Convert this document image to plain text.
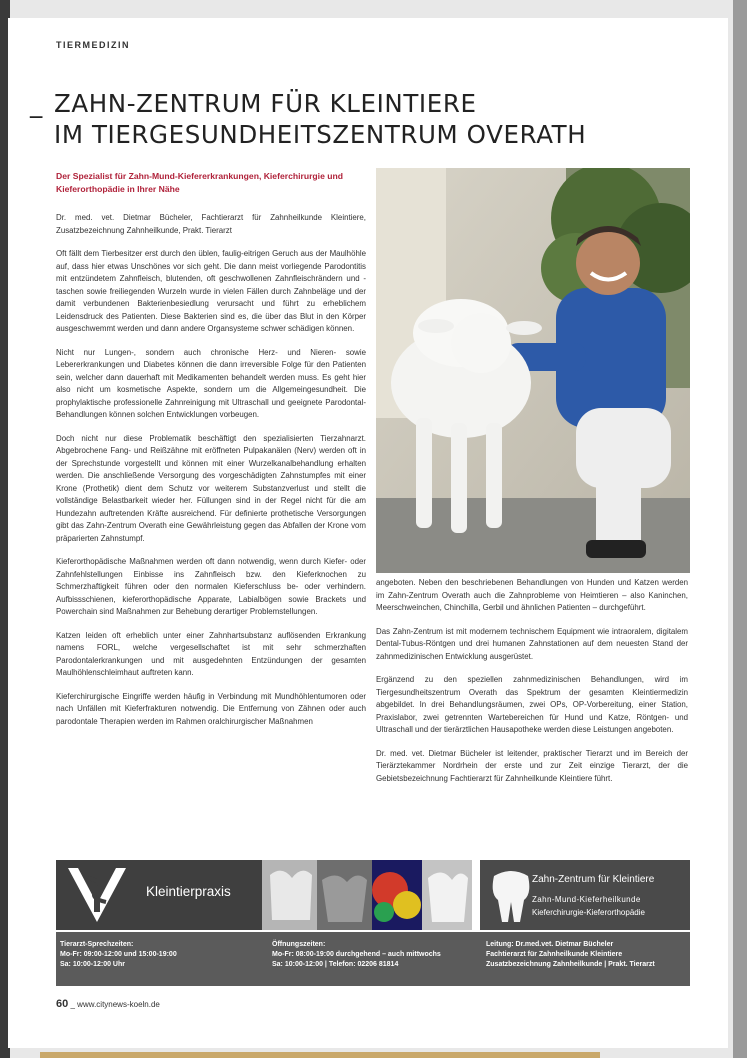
TIERMEDIZIN
_ ZAHN-ZENTRUM FÜR KLEINTIERE
IM TIERGESUNDHEITSZENTRUM OVERATH
Der Spezialist für Zahn-Mund-Kiefererkrankungen, Kieferchirurgie und Kieferorthopädie in Ihrer Nähe

Dr. med. vet. Dietmar Bücheler, Fachtierarzt für Zahnheilkunde Kleintiere, Zusatzbezeichnung Zahnheilkunde, Prakt. Tierarzt

Oft fällt dem Tierbesitzer erst durch den üblen, faulig-eitrigen Geruch aus der Maulhöhle auf, dass hier etwas Unschönes vor sich geht. Die dann meist vorliegende Parodontitis mit entzündetem Zahnfleisch, blutenden, oft geschwollenen Zahnfleischrändern und -taschen sowie freiliegenden Wurzeln wurde in vielen Fällen durch Zahnbeläge und der damit verbundenen Bakterienbesiedlung verursacht und führt zu erheblichem Leidensdruck des Patienten. Diese Bakterien sind es, die über das Blut in den Körper ausgeschwemmt werden und dann andere Organsysteme schwer schädigen können.

Nicht nur Lungen-, sondern auch chronische Herz- und Nieren- sowie Lebererkrankungen und Diabetes können die dann irreversible Folge für den Patienten sein, welcher dann dauerhaft mit Medikamenten behandelt werden muss. Es geht hier also nicht um kosmetische Aspekte, sondern um die Allgemeingesundheit. Die prophylaktische professionelle Zahnreinigung mit Ultraschall und geeignete Parodontal-Behandlungen können solchen Entwicklungen vorbeugen.

Doch nicht nur diese Problematik beschäftigt den spezialisierten Tierzahnarzt. Abgebrochene Fang- und Reißzähne mit eröffneten Pulpakanälen (Nerv) werden oft in der Sprechstunde vorgestellt und können mit einer Wurzelkanalbehandlung erhalten werden. Die anschließende Versorgung des vorgeschädigten Zahnstumpfes mit einer Krone (Prothetik) dient dem Schutz vor weiterem Substanzverlust und stellt die vollständige Belastbarkeit wieder her. Füllungen sind in der Regel nicht für die am Hundezahn auftretenden Kräfte ausreichend. Für definierte prothetische Versorgungen gibt das Zahn-Zentrum Overath eine Gewährleistung gegen das Abfallen der Krone vom präparierten Zahnstumpf.

Kieferorthopädische Maßnahmen werden oft dann notwendig, wenn durch Kiefer- oder Zahnfehlstellungen Einbisse ins Zahnfleisch bzw. den Kieferknochen zu Schmerzhaftigkeit führen oder den normalen Kieferschluss be- oder verhindern. Aufbissschienen, kieferorthopädische Apparate, Labialbögen sowie Brackets und Powerchain sind Maßnahmen zur Behebung derartiger Problemstellungen.

Katzen leiden oft erheblich unter einer Zahnhartsubstanz auflösenden Erkrankung namens FORL, welche vergesellschaftet ist mit sehr schmerzhaften Parodontalerkrankungen und mit ausgedehnten Entzündungen der gesamten Maulhöhlenschleimhaut auftreten kann.

Kieferchirurgische Eingriffe werden häufig in Verbindung mit Mundhöhlentumoren oder nach Unfällen mit Kieferfrakturen notwendig. Die Entfernung von Zähnen oder auch parodontale Therapien werden im Rahmen oralchirurgischer Maßnahmen

angeboten. Neben den beschriebenen Behandlungen von Hunden und Katzen werden im Zahn-Zentrum Overath auch die Zahnprobleme von Heimtieren – also Kaninchen, Meerschweinchen, Chinchilla, Gerbil und ähnlichen Patienten – durchgeführt.

Das Zahn-Zentrum ist mit modernem technischem Equipment wie intraoralem, digitalem Dental-Tubus-Röntgen und drei humanen Zahnstationen auf dem neuesten Stand der zahnmedizinischen Entwicklung ausgerüstet.

Ergänzend zu den speziellen zahnmedizinischen Behandlungen, wird im Tiergesundheitszentrum Overath das Spektrum der gesamten Kleintiermedizin abgebildet. In drei Behandlungsräumen, zwei OPs, OP-Vorbereitung, einer Station, Praxislabor, zwei getrennten Wartebereichen für Hund und Katze, Röntgen- und Ultraschall und der tierärztlichen Hausapotheke werden diese Leistungen angeboten.

Dr. med. vet. Dietmar Bücheler ist leitender, praktischer Tierarzt und im Bereich der Tierärztekammer Nordrhein der erste und zur Zeit einzige Tierarzt, der die Gebietsbezeichnung Fachtierarzt für Zahnheilkunde Kleintiere führt.

Kleintierpraxis
Zahn-Zentrum für Kleintiere
Zahn-Mund-Kieferheilkunde
Kieferchirurgie-Kieferorthopädie
Tierarzt-Sprechzeiten:
Mo-Fr: 09:00-12:00 und 15:00-19:00
Sa: 10:00-12:00 Uhr
Öffnungszeiten:
Mo-Fr: 08:00-19:00 durchgehend – auch mittwochs
Sa: 10:00-12:00 | Telefon: 02206 81814
Leitung: Dr.med.vet. Dietmar Bücheler
Fachtierarzt für Zahnheilkunde Kleintiere
Zusatzbezeichnung Zahnheilkunde | Prakt. Tierarzt
60 _ www.citynews-koeln.de
